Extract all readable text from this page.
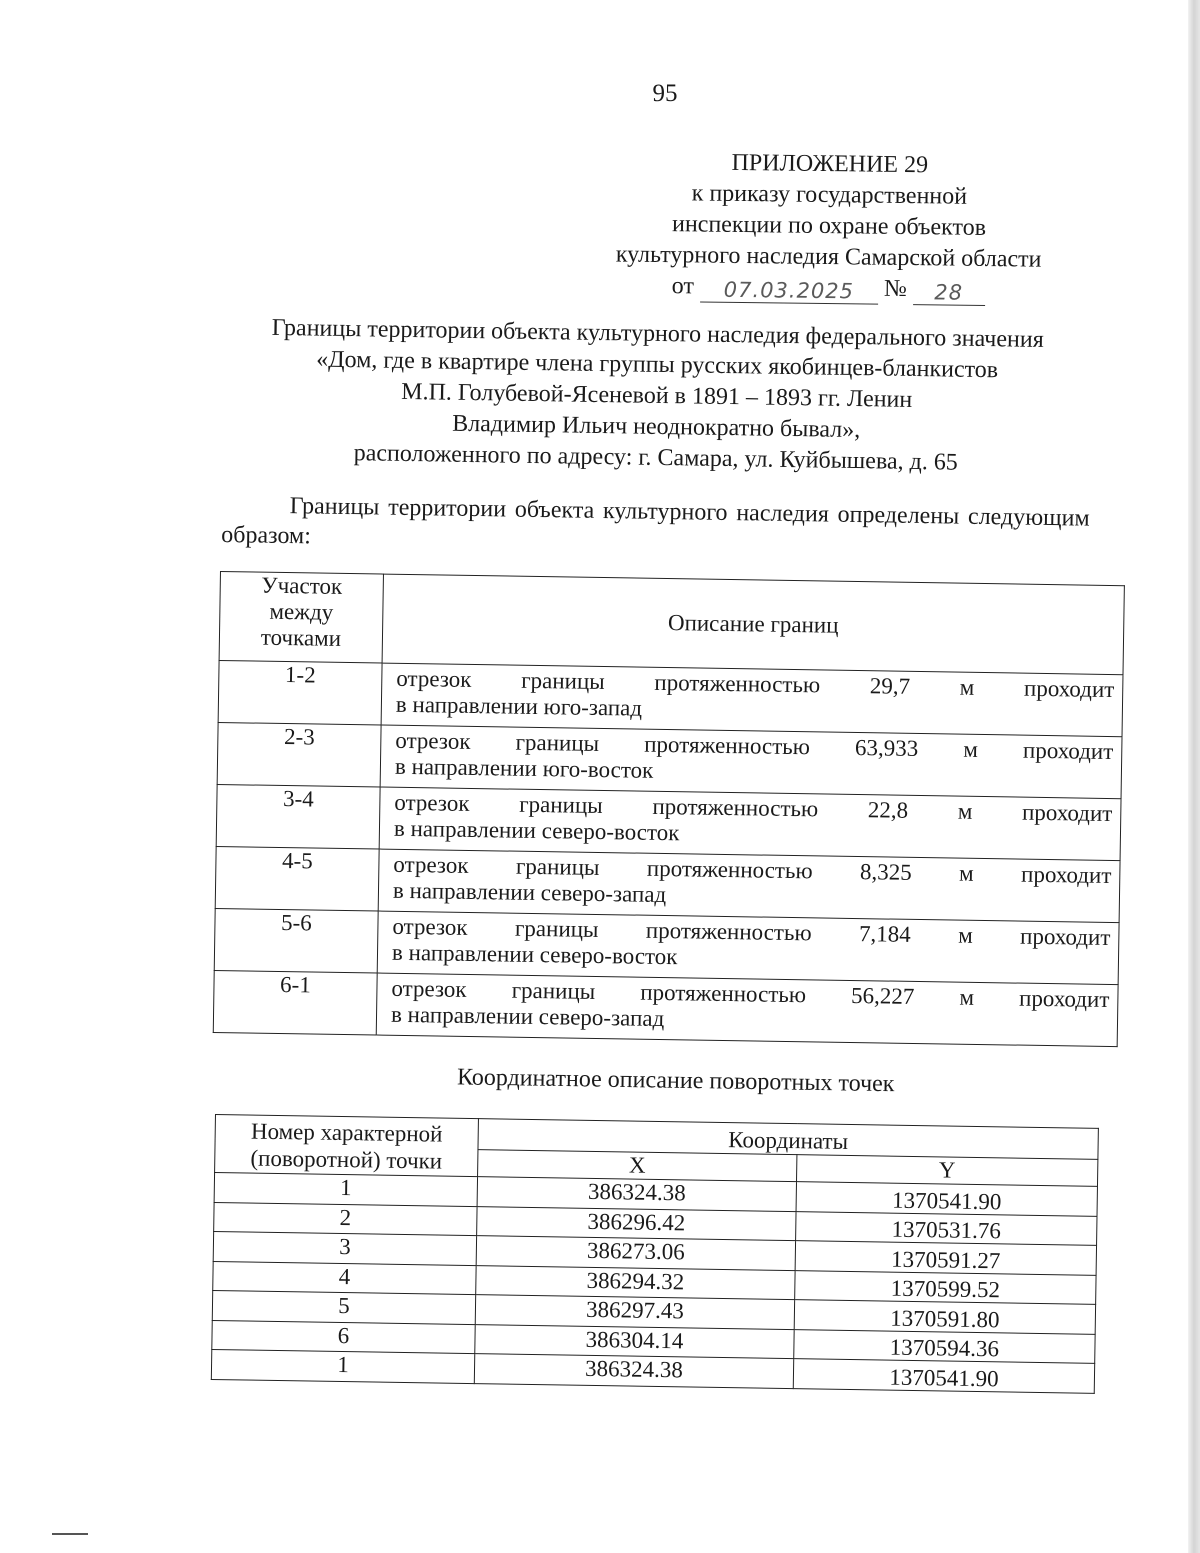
95
ПРИЛОЖЕНИЕ 29
к приказу государственной
инспекции по охране объектов
культурного наследия Самарской области
от	07.03.2025	№	28
Границы территории объекта культурного наследия федерального значения
«Дом, где в квартире члена группы русских якобинцев-бланкистов
М.П. Голубевой-Ясеневой в 1891 – 1893 гг. Ленин
Владимир Ильич неоднократно бывал»,
расположенного по адресу: г. Самара, ул. Куйбышева, д. 65
Границы территории объекта культурного наследия определены следующим образом:
Участок
между
точками	Описание границ
1-2	отрезок границы протяженностью 29,7 м проходит
в направлении юго-запад

2-3	отрезок границы протяженностью 63,933 м проходит
в направлении юго-восток

3-4	отрезок границы протяженностью 22,8 м проходит
в направлении северо-восток

4-5	отрезок границы протяженностью 8,325 м проходит
в направлении северо-запад

5-6	отрезок границы протяженностью 7,184 м проходит
в направлении северо-восток

6-1	отрезок границы протяженностью 56,227 м проходит
в направлении северо-запад
Координатное описание поворотных точек
Номер характерной
(поворотной) точки	Координаты	
	X	Y
1	386324.38	1370541.90
2	386296.42	1370531.76
3	386273.06	1370591.27
4	386294.32	1370599.52
5	386297.43	1370591.80
6	386304.14	1370594.36
1	386324.38	1370541.90
